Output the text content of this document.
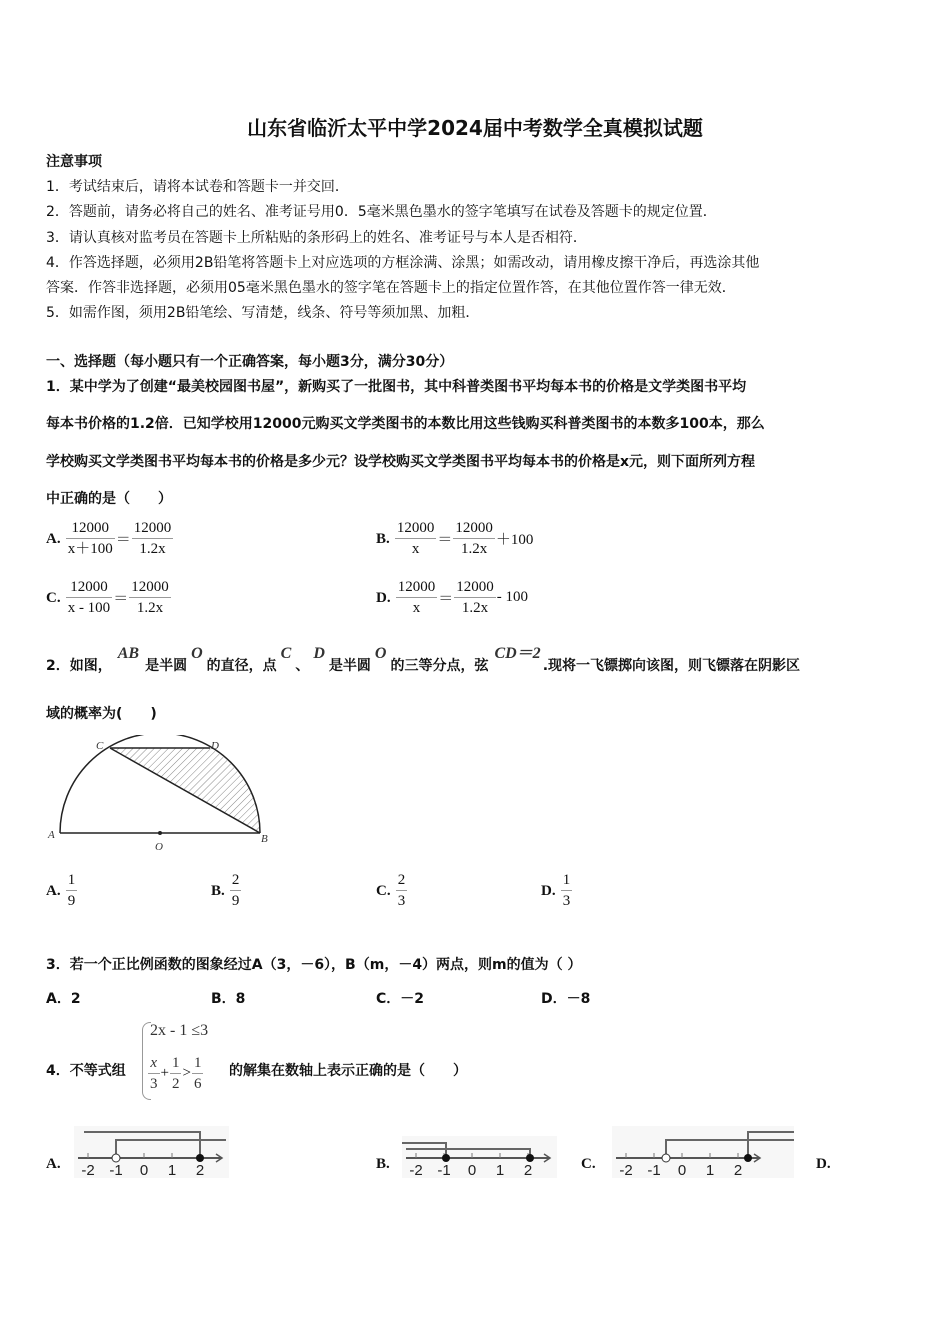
山东省临沂太平中学2024届中考数学全真模拟试题
注意事项
1．考试结束后，请将本试卷和答题卡一并交回．
2．答题前，请务必将自己的姓名、准考证号用0．5毫米黑色墨水的签字笔填写在试卷及答题卡的规定位置．
3．请认真核对监考员在答题卡上所粘贴的条形码上的姓名、准考证号与本人是否相符．
4．作答选择题，必须用2B铅笔将答题卡上对应选项的方框涂满、涂黑；如需改动，请用橡皮擦干净后，再选涂其他
答案．作答非选择题，必须用05毫米黑色墨水的签字笔在答题卡上的指定位置作答，在其他位置作答一律无效．
5．如需作图，须用2B铅笔绘、写清楚，线条、符号等须加黑、加粗．
一、选择题（每小题只有一个正确答案，每小题3分，满分30分）
1．某中学为了创建“最美校园图书屋”，新购买了一批图书，其中科普类图书平均每本书的价格是文学类图书平均
每本书价格的1.2倍．已知学校用12000元购买文学类图书的本数比用这些钱购买科普类图书的本数多100本，那么
学校购买文学类图书平均每本书的价格是多少元？设学校购买文学类图书平均每本书的价格是x元，则下面所列方程
中正确的是（　　）
A. $\frac{12000}{x+100} = \frac{12000}{1.2x}$	B. $\frac{12000}{x} = \frac{12000}{1.2x} +100$
C. $\frac{12000}{x - 100} = \frac{12000}{1.2x}$	D. $\frac{12000}{x} = \frac{12000}{1.2x} - 100$
2．如图，AB是半圆O的直径，点C、D是半圆O的三等分点，弦CD＝2.现将一飞镖掷向该图，则飞镖落在阴影区
域的概率为(　　)
A	B
C	D
O
A. $\frac{1}{9}$	B. $\frac{2}{9}$	C. $\frac{2}{3}$	D. $\frac{1}{3}$
3．若一个正比例函数的图象经过A（3，－6），B（m，－4）两点，则m的值为（ ）
A．2	B．8	C．－2	D．－8
4．不等式组
2x - 1 ≤3
$\frac{x}{3} + \frac{1}{2} > \frac{1}{6}$ 的解集在数轴上表示正确的是（　　）
A.	B.	C.	D.
-2 -1 0 1 2	-2 -1 0 1 2	-2 -1 0 1 2
